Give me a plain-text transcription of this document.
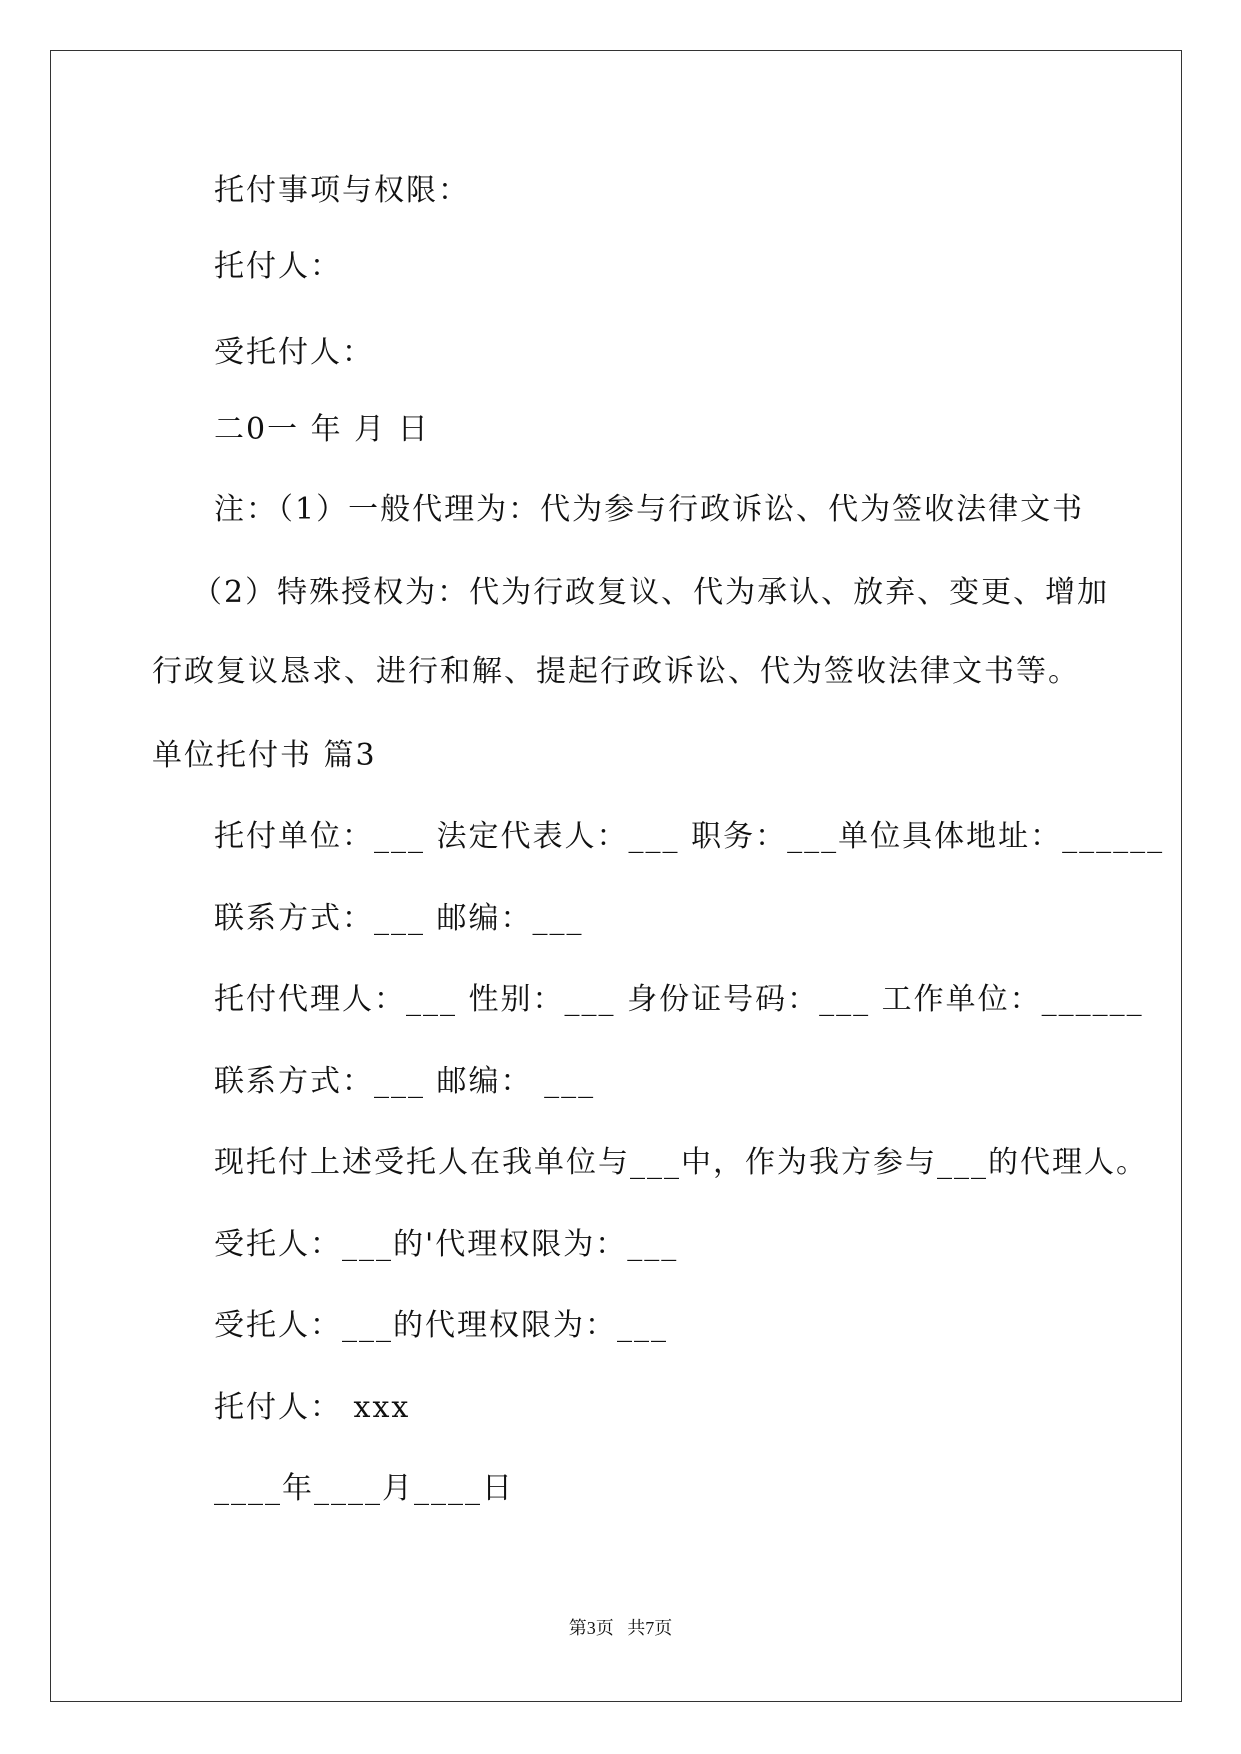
托付事项与权限：
托付人：
受托付人：
二0一 年 月 日
注：（1）一般代理为：代为参与行政诉讼、代为签收法律文书
（2）特殊授权为：代为行政复议、代为承认、放弃、变更、增加
行政复议恳求、进行和解、提起行政诉讼、代为签收法律文书等。
单位托付书 篇3
托付单位：___ 法定代表人：___ 职务：___单位具体地址：______
联系方式：___ 邮编：___
托付代理人：___ 性别：___ 身份证号码：___ 工作单位：______
联系方式：___ 邮编： ___
现托付上述受托人在我单位与___中，作为我方参与___的代理人。
受托人：___的'代理权限为：___
受托人：___的代理权限为：___
托付人： xxx
____年____月____日
第3页   共7页
